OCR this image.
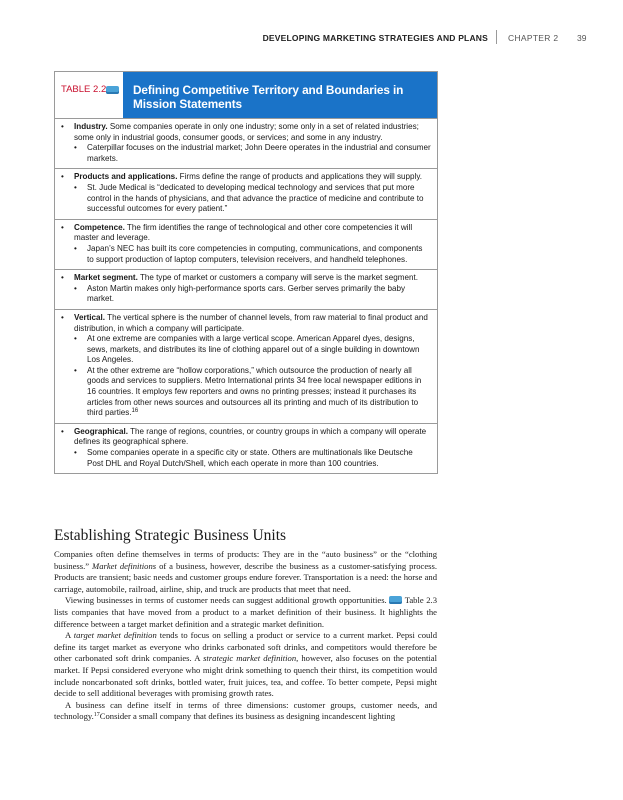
DEVELOPING MARKETING STRATEGIES AND PLANS CHAPTER 2 39
TABLE 2.2	Defining Competitive Territory and Boundaries in Mission Statements
• Industry. Some companies operate in only one industry; some only in a set of related industries; some only in industrial goods, consumer goods, or services; and some in any industry.
• Caterpillar focuses on the industrial market; John Deere operates in the industrial and consumer markets.
• Products and applications. Firms define the range of products and applications they will supply.
• St. Jude Medical is “dedicated to developing medical technology and services that put more control in the hands of physicians, and that advance the practice of medicine and contribute to successful outcomes for every patient.”
• Competence. The firm identifies the range of technological and other core competencies it will master and leverage.
• Japan’s NEC has built its core competencies in computing, communications, and components to support production of laptop computers, television receivers, and handheld telephones.
• Market segment. The type of market or customers a company will serve is the market segment.
• Aston Martin makes only high-performance sports cars. Gerber serves primarily the baby market.
• Vertical. The vertical sphere is the number of channel levels, from raw material to final product and distribution, in which a company will participate.
• At one extreme are companies with a large vertical scope. American Apparel dyes, designs, sews, markets, and distributes its line of clothing apparel out of a single building in downtown Los Angeles.
• At the other extreme are “hollow corporations,” which outsource the production of nearly all goods and services to suppliers. Metro International prints 34 free local newspaper editions in 16 countries. It employs few reporters and owns no printing presses; instead it purchases its articles from other news sources and outsources all its printing and much of its distribution to third parties.$^{16}$
• Geographical. The range of regions, countries, or country groups in which a company will operate defines its geographical sphere.
• Some companies operate in a specific city or state. Others are multinationals like Deutsche Post DHL and Royal Dutch/Shell, which each operate in more than 100 countries.
Establishing Strategic Business Units

Companies often define themselves in terms of products: They are in the “auto business” or the “clothing business.” Market definitions of a business, however, describe the business as a customer-satisfying process. Products are transient; basic needs and customer groups endure forever. Transportation is a need: the horse and carriage, automobile, railroad, airline, ship, and truck are products that meet that need.

Viewing businesses in terms of customer needs can suggest additional growth opportunities.  Table 2.3 lists companies that have moved from a product to a market definition of their business. It highlights the difference between a target market definition and a strategic market definition.

A target market definition tends to focus on selling a product or service to a current market. Pepsi could define its target market as everyone who drinks carbonated soft drinks, and competitors would therefore be other carbonated soft drink companies. A strategic market definition, however, also focuses on the potential market. If Pepsi considered everyone who might drink something to quench their thirst, its competition would include noncarbonated soft drinks, bottled water, fruit juices, tea, and coffee. To better compete, Pepsi might decide to sell additional beverages with promising growth rates.

A business can define itself in terms of three dimensions: customer groups, customer needs, and technology.$^{17}$Consider a small company that defines its business as designing incandescent lighting
